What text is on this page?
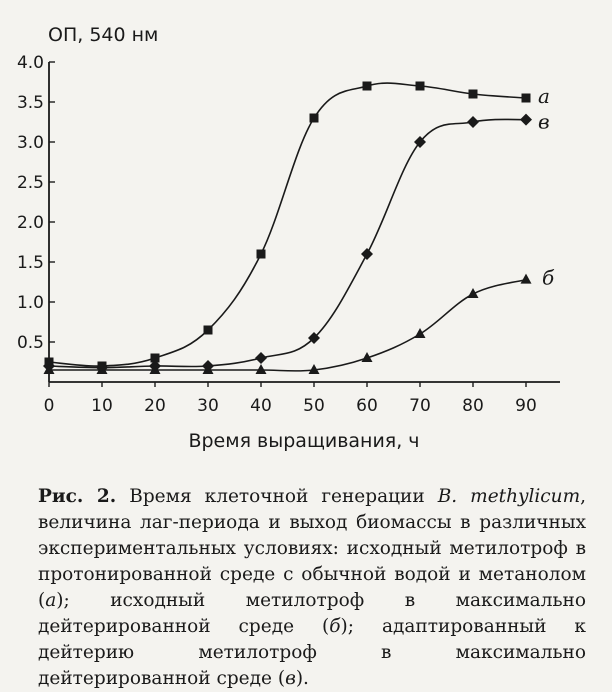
0 10 20 30 40 50 60 70 80 90
0.5
1.0
1.5
2.0
2.5
3.0
3.5
4.0
а
в
б
ОП, 540 нм
Время выращивания, ч
Рис. 2. Время клеточной генерации B. methylicum, величина лаг-периода и выход биомассы в различных экспериментальных условиях: исходный метилотроф в протонированной среде с обычной водой и метанолом (а); исходный метилотроф в максимально дейтерированной среде (б); адаптированный к дейтерию метилотроф в максимально дейтерированной среде (в).
